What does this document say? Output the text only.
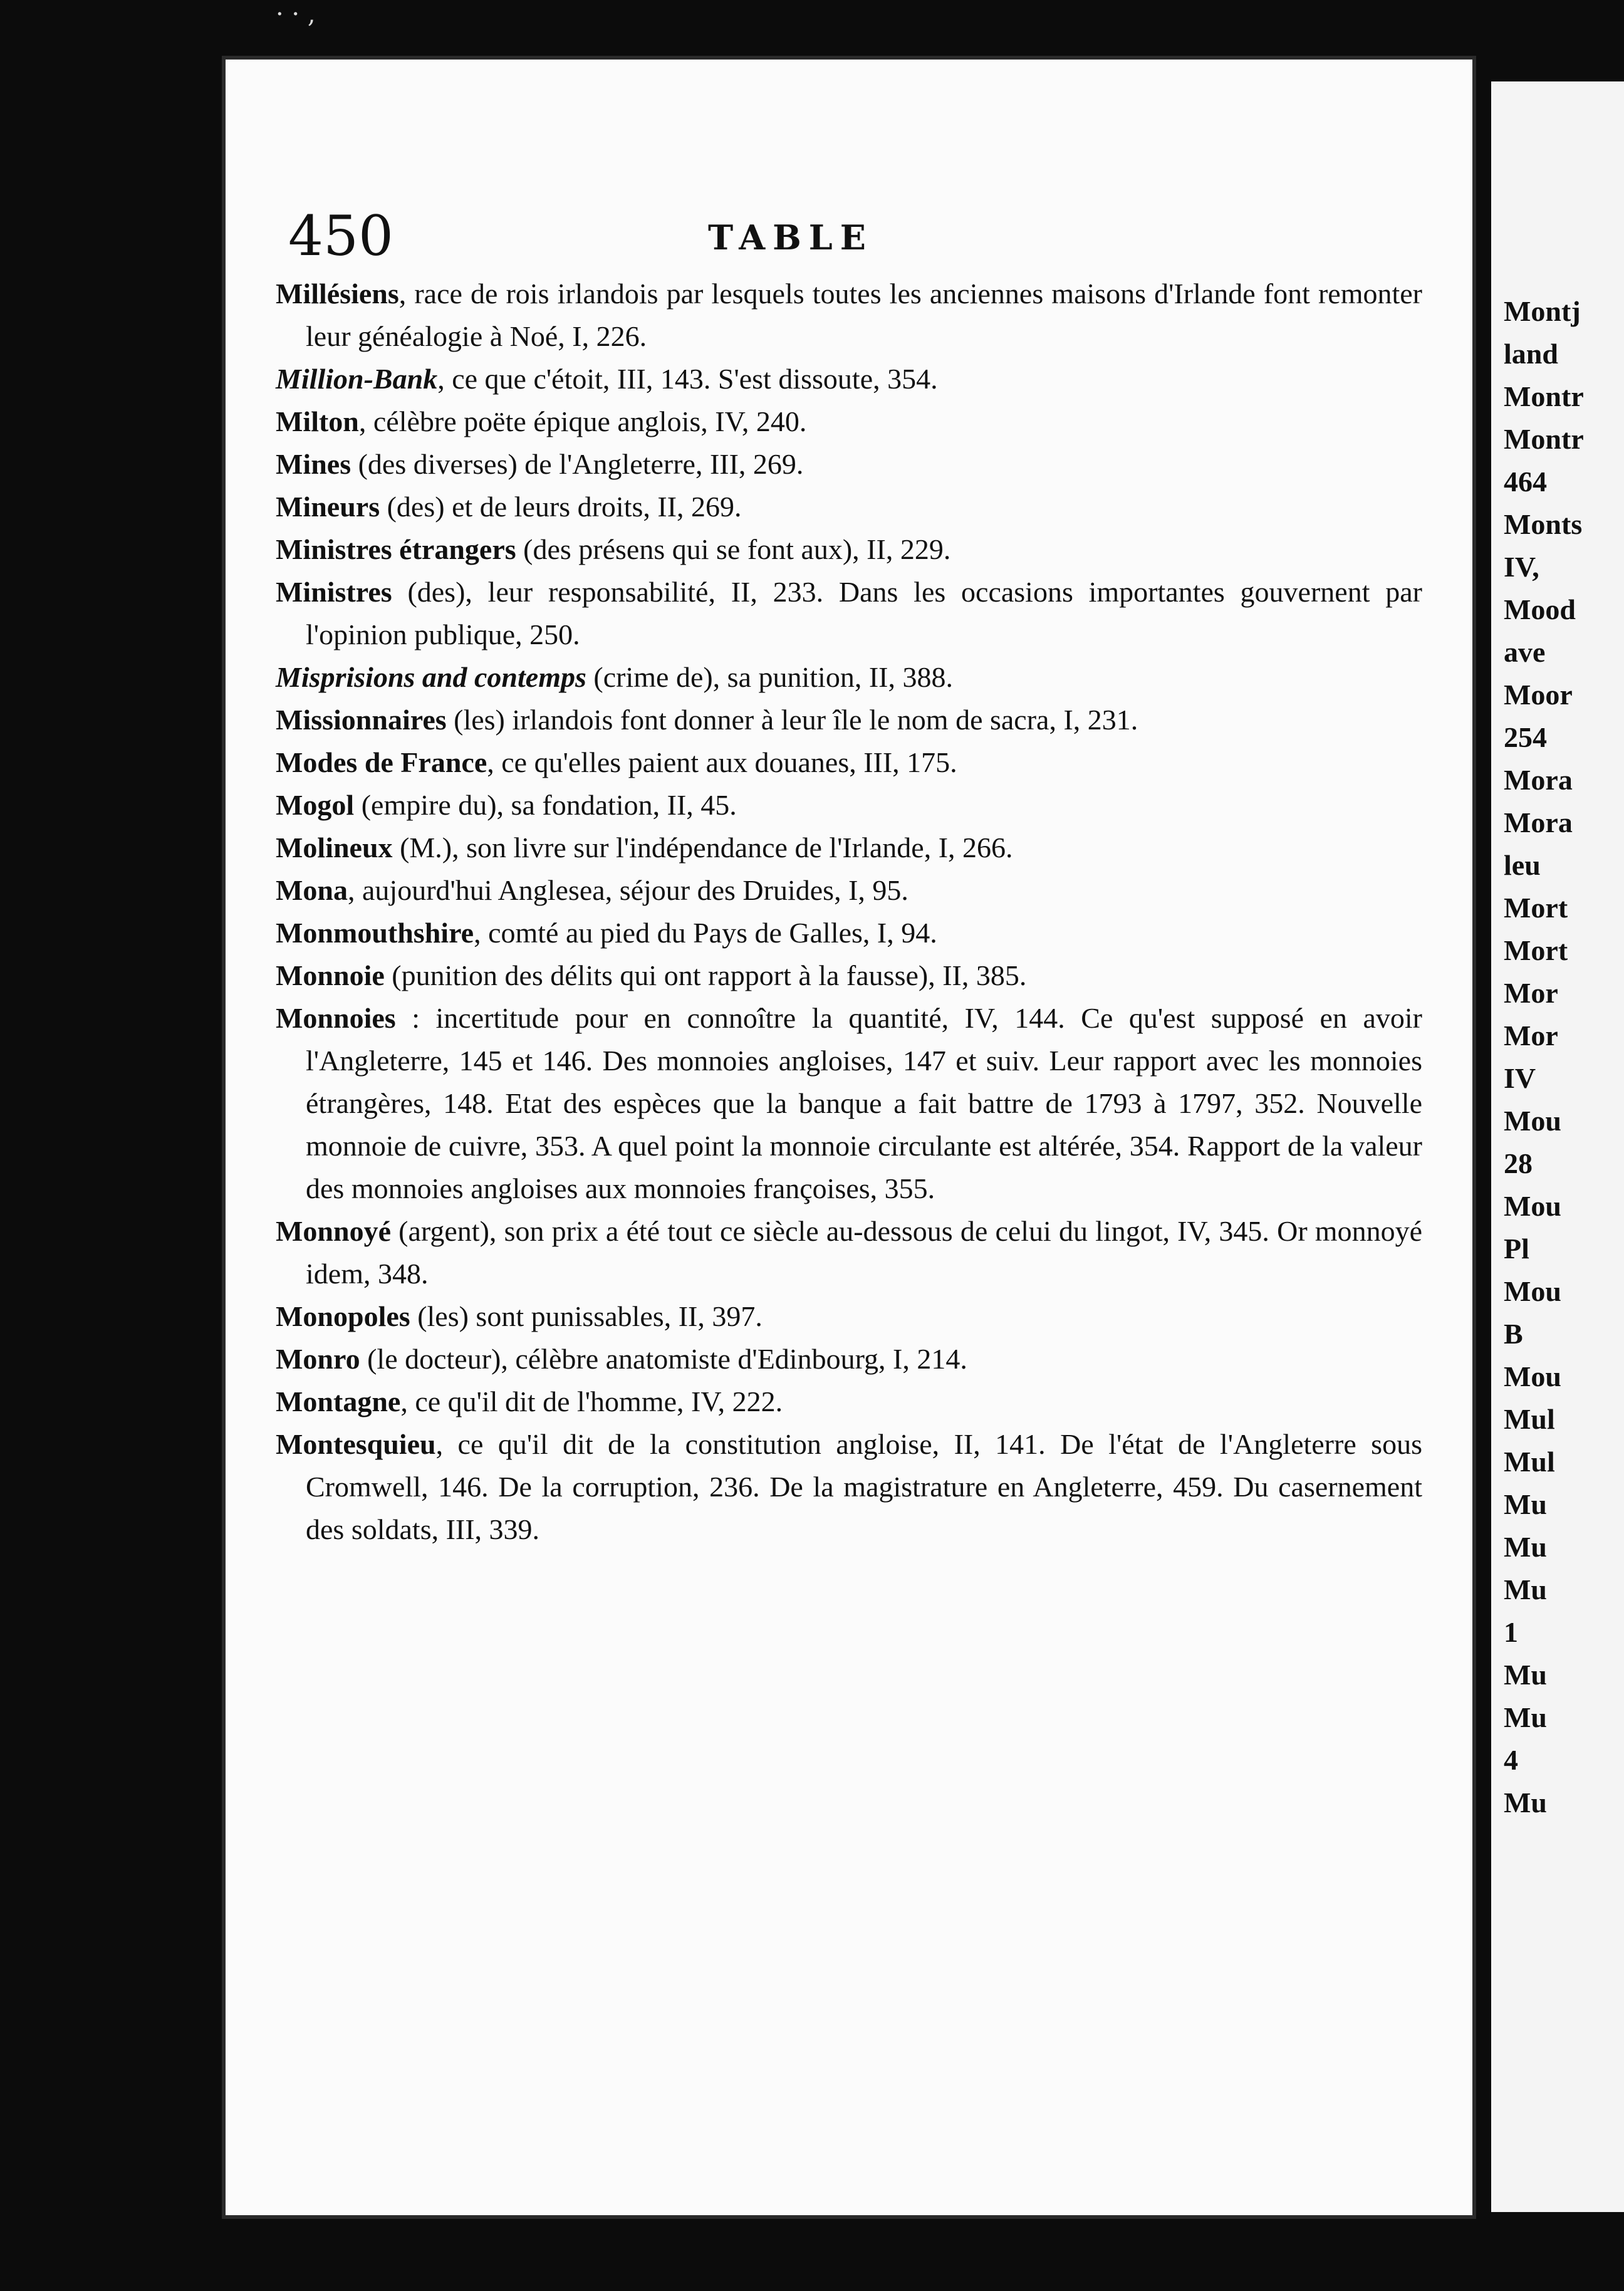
· · ,
450	TABLE

Millésiens, race de rois irlandois par lesquels toutes les anciennes maisons d'Irlande font remonter leur généalogie à Noé, I, 226.

Million-Bank, ce que c'étoit, III, 143. S'est dissoute, 354.

Milton, célèbre poëte épique anglois, IV, 240.

Mines (des diverses) de l'Angleterre, III, 269.

Mineurs (des) et de leurs droits, II, 269.

Ministres étrangers (des présens qui se font aux), II, 229.

Ministres (des), leur responsabilité, II, 233. Dans les occasions importantes gouvernent par l'opinion publique, 250.

Misprisions and contemps (crime de), sa punition, II, 388.

Missionnaires (les) irlandois font donner à leur île le nom de sacra, I, 231.

Modes de France, ce qu'elles paient aux douanes, III, 175.

Mogol (empire du), sa fondation, II, 45.

Molineux (M.), son livre sur l'indépendance de l'Irlande, I, 266.

Mona, aujourd'hui Anglesea, séjour des Druides, I, 95.

Monmouthshire, comté au pied du Pays de Galles, I, 94.

Monnoie (punition des délits qui ont rapport à la fausse), II, 385.

Monnoies : incertitude pour en connoître la quantité, IV, 144. Ce qu'est supposé en avoir l'Angleterre, 145 et 146. Des monnoies angloises, 147 et suiv. Leur rapport avec les monnoies étrangères, 148. Etat des espèces que la banque a fait battre de 1793 à 1797, 352. Nouvelle monnoie de cuivre, 353. A quel point la monnoie circulante est altérée, 354. Rapport de la valeur des monnoies angloises aux monnoies françoises, 355.

Monnoyé (argent), son prix a été tout ce siècle au-dessous de celui du lingot, IV, 345. Or monnoyé idem, 348.

Monopoles (les) sont punissables, II, 397.

Monro (le docteur), célèbre anatomiste d'Edinbourg, I, 214.

Montagne, ce qu'il dit de l'homme, IV, 222.

Montesquieu, ce qu'il dit de la constitution angloise, II, 141. De l'état de l'Angleterre sous Cromwell, 146. De la corruption, 236. De la magistrature en Angleterre, 459. Du casernement des soldats, III, 339.

Montj
land
Montr
Montr
464
Monts
IV,
Mood
ave
Moor
254
Mora
Mora
leu
Mort
Mort
Mor
Mor
IV
Mou
28
Mou
Pl
Mou
B
Mou
Mul
Mul
Mu
Mu
Mu
1
Mu
Mu
4
Mu
